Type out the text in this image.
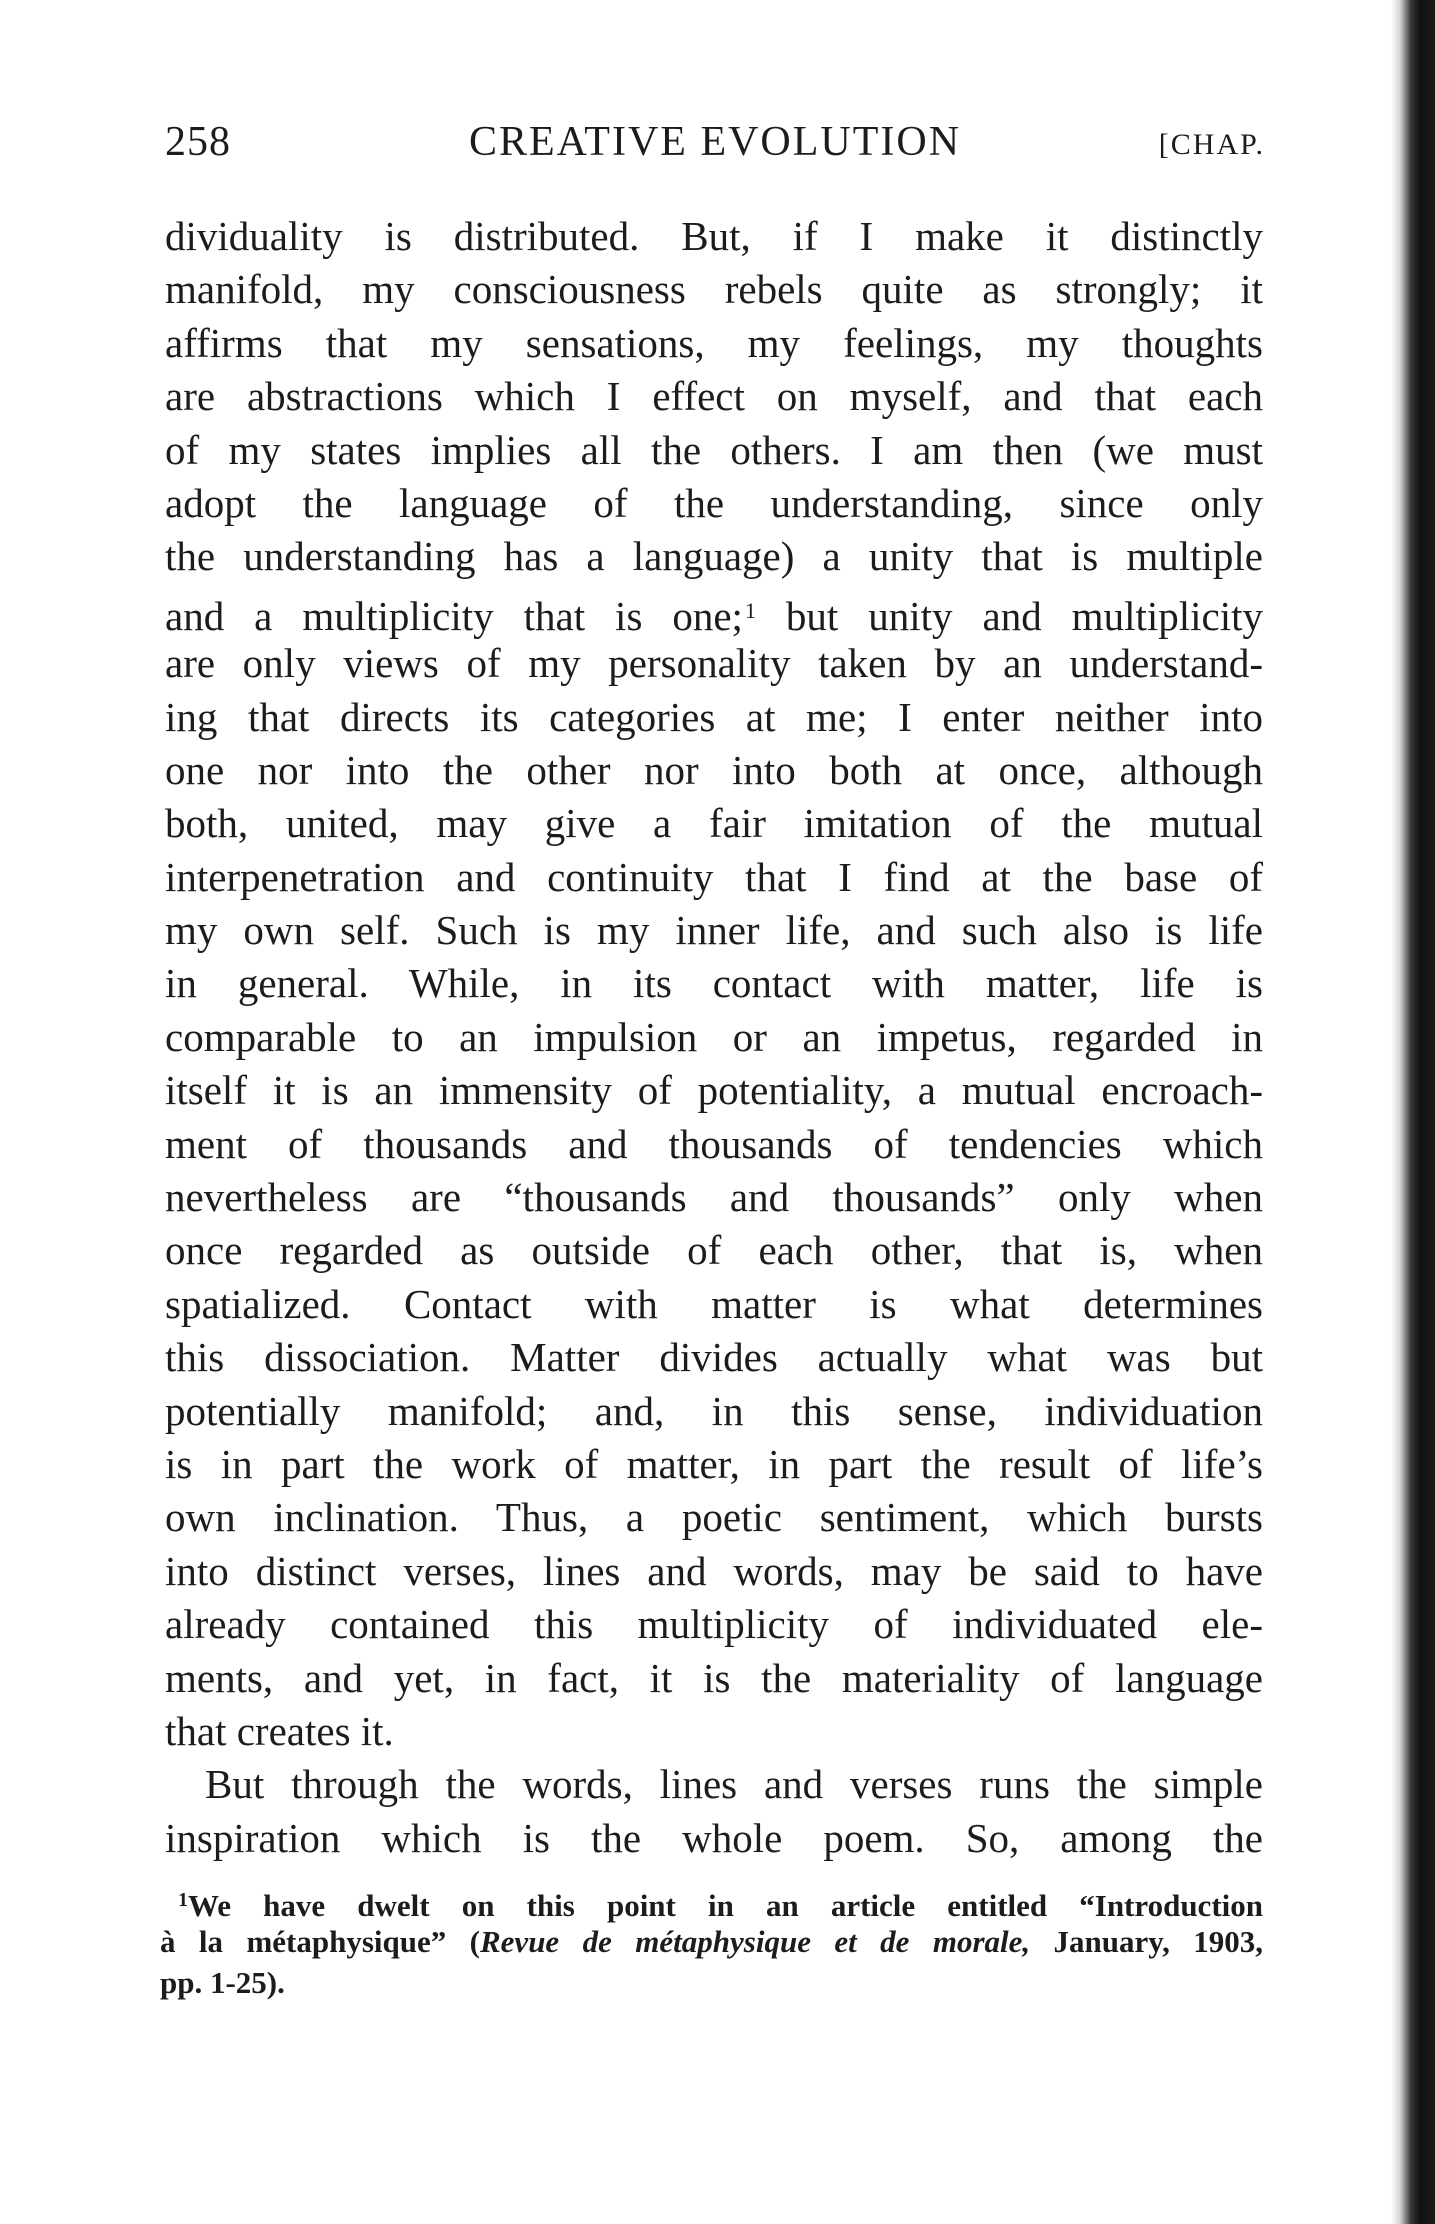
258	CREATIVE EVOLUTION	[CHAP.
dividuality is distributed. But, if I make it distinctly
manifold, my consciousness rebels quite as strongly; it
affirms that my sensations, my feelings, my thoughts
are abstractions which I effect on myself, and that each
of my states implies all the others. I am then (we must
adopt the language of the understanding, since only
the understanding has a language) a unity that is multiple
and a multiplicity that is one;$^1$ but unity and multiplicity
are only views of my personality taken by an understand-
ing that directs its categories at me; I enter neither into
one nor into the other nor into both at once, although
both, united, may give a fair imitation of the mutual
interpenetration and continuity that I find at the base of
my own self. Such is my inner life, and such also is life
in general. While, in its contact with matter, life is
comparable to an impulsion or an impetus, regarded in
itself it is an immensity of potentiality, a mutual encroach-
ment of thousands and thousands of tendencies which
nevertheless are “thousands and thousands” only when
once regarded as outside of each other, that is, when
spatialized. Contact with matter is what determines
this dissociation. Matter divides actually what was but
potentially manifold; and, in this sense, individuation
is in part the work of matter, in part the result of life’s
own inclination. Thus, a poetic sentiment, which bursts
into distinct verses, lines and words, may be said to have
already contained this multiplicity of individuated ele-
ments, and yet, in fact, it is the materiality of language
that creates it.
But through the words, lines and verses runs the simple
inspiration which is the whole poem. So, among the
$^1$We have dwelt on this point in an article entitled “Introduction
à la métaphysique” (Revue de métaphysique et de morale, January, 1903,
pp. 1-25).
